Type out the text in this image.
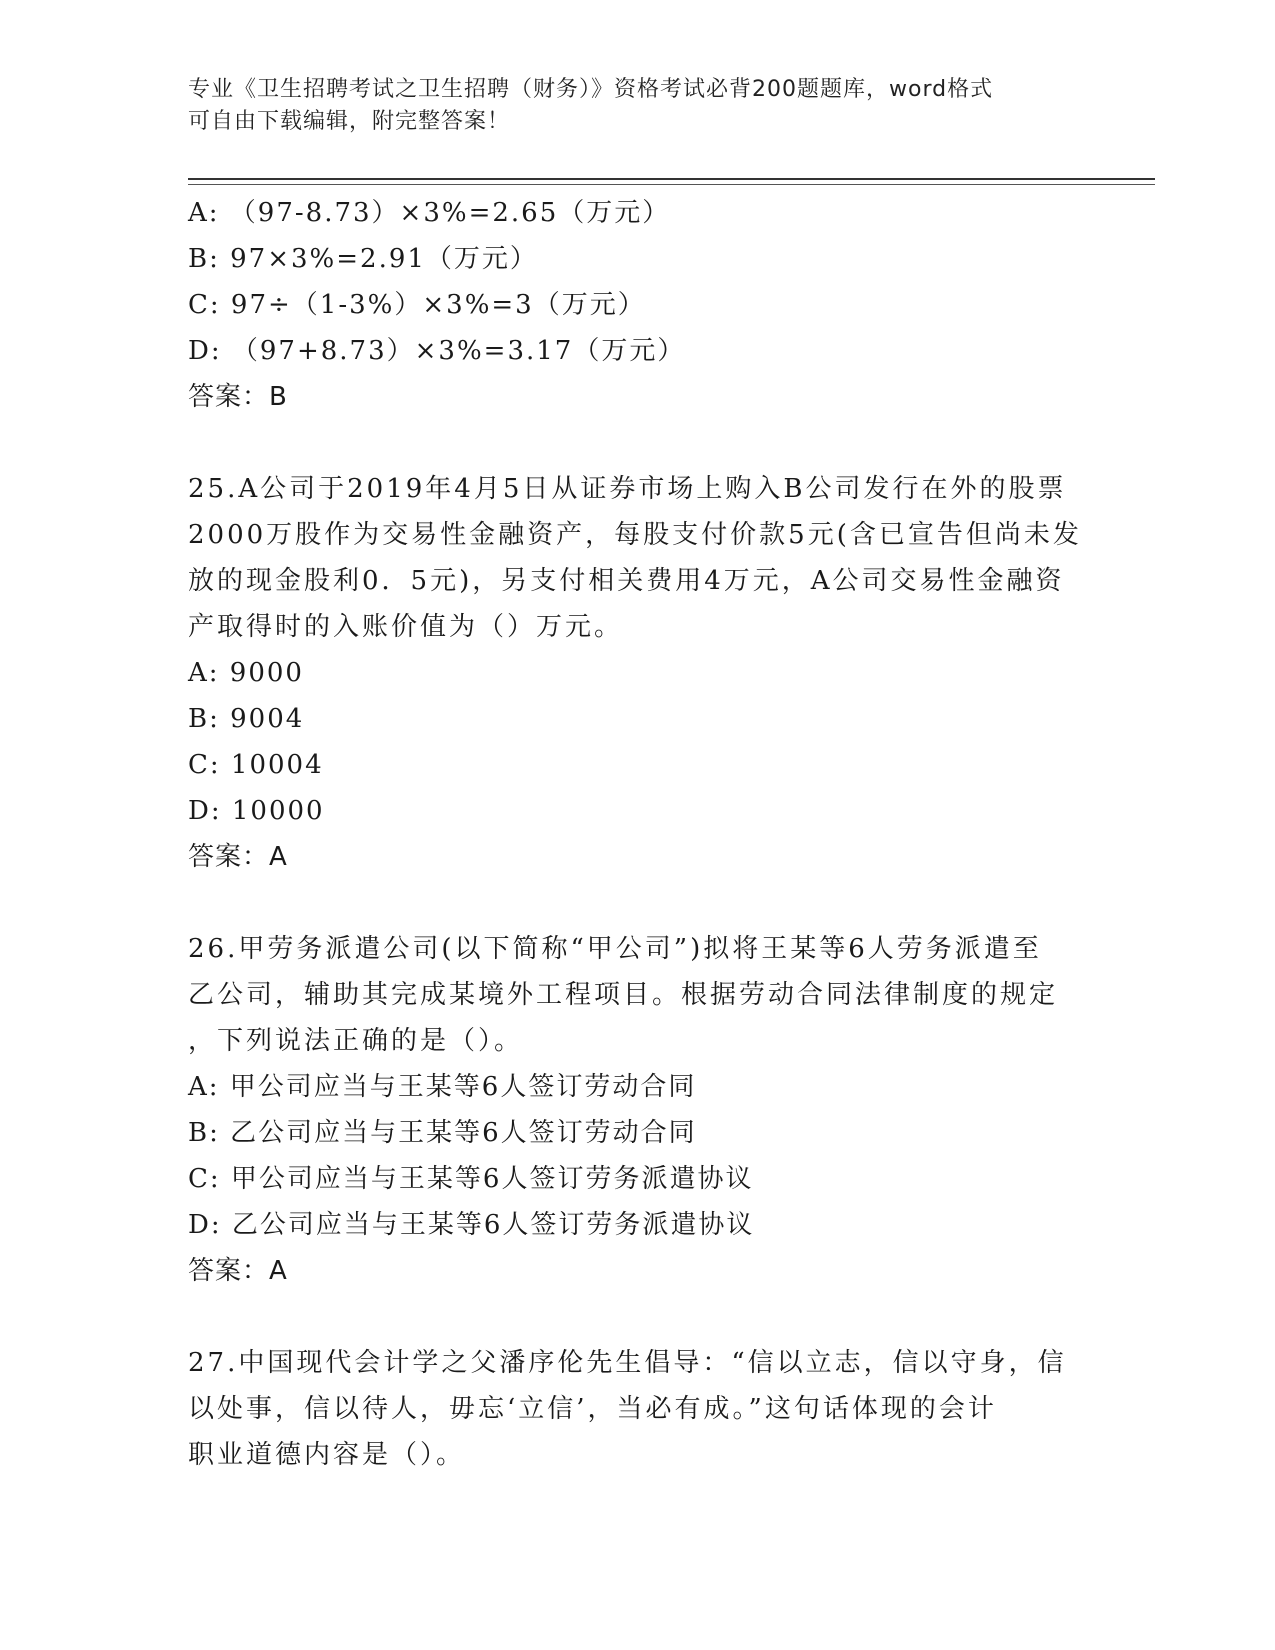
专业《卫生招聘考试之卫生招聘（财务）》资格考试必背200题题库，word格式
可自由下载编辑，附完整答案！
A: （97-8.73）×3%=2.65（万元）
B: 97×3%=2.91（万元）
C: 97÷（1-3%）×3%=3（万元）
D: （97+8.73）×3%=3.17（万元）
答案：B
25.A公司于2019年4月5日从证券市场上购入B公司发行在外的股票
2000万股作为交易性金融资产，每股支付价款5元(含已宣告但尚未发
放的现金股利0．5元)，另支付相关费用4万元，A公司交易性金融资
产取得时的入账价值为（）万元。
A: 9000
B: 9004
C: 10004
D: 10000
答案：A
26.甲劳务派遣公司(以下简称“甲公司”)拟将王某等6人劳务派遣至
乙公司，辅助其完成某境外工程项目。根据劳动合同法律制度的规定
，下列说法正确的是（）。
A: 甲公司应当与王某等6人签订劳动合同
B: 乙公司应当与王某等6人签订劳动合同
C: 甲公司应当与王某等6人签订劳务派遣协议
D: 乙公司应当与王某等6人签订劳务派遣协议
答案：A
27.中国现代会计学之父潘序伦先生倡导：“信以立志，信以守身，信
以处事，信以待人，毋忘‘立信’，当必有成。”这句话体现的会计
职业道德内容是（）。
